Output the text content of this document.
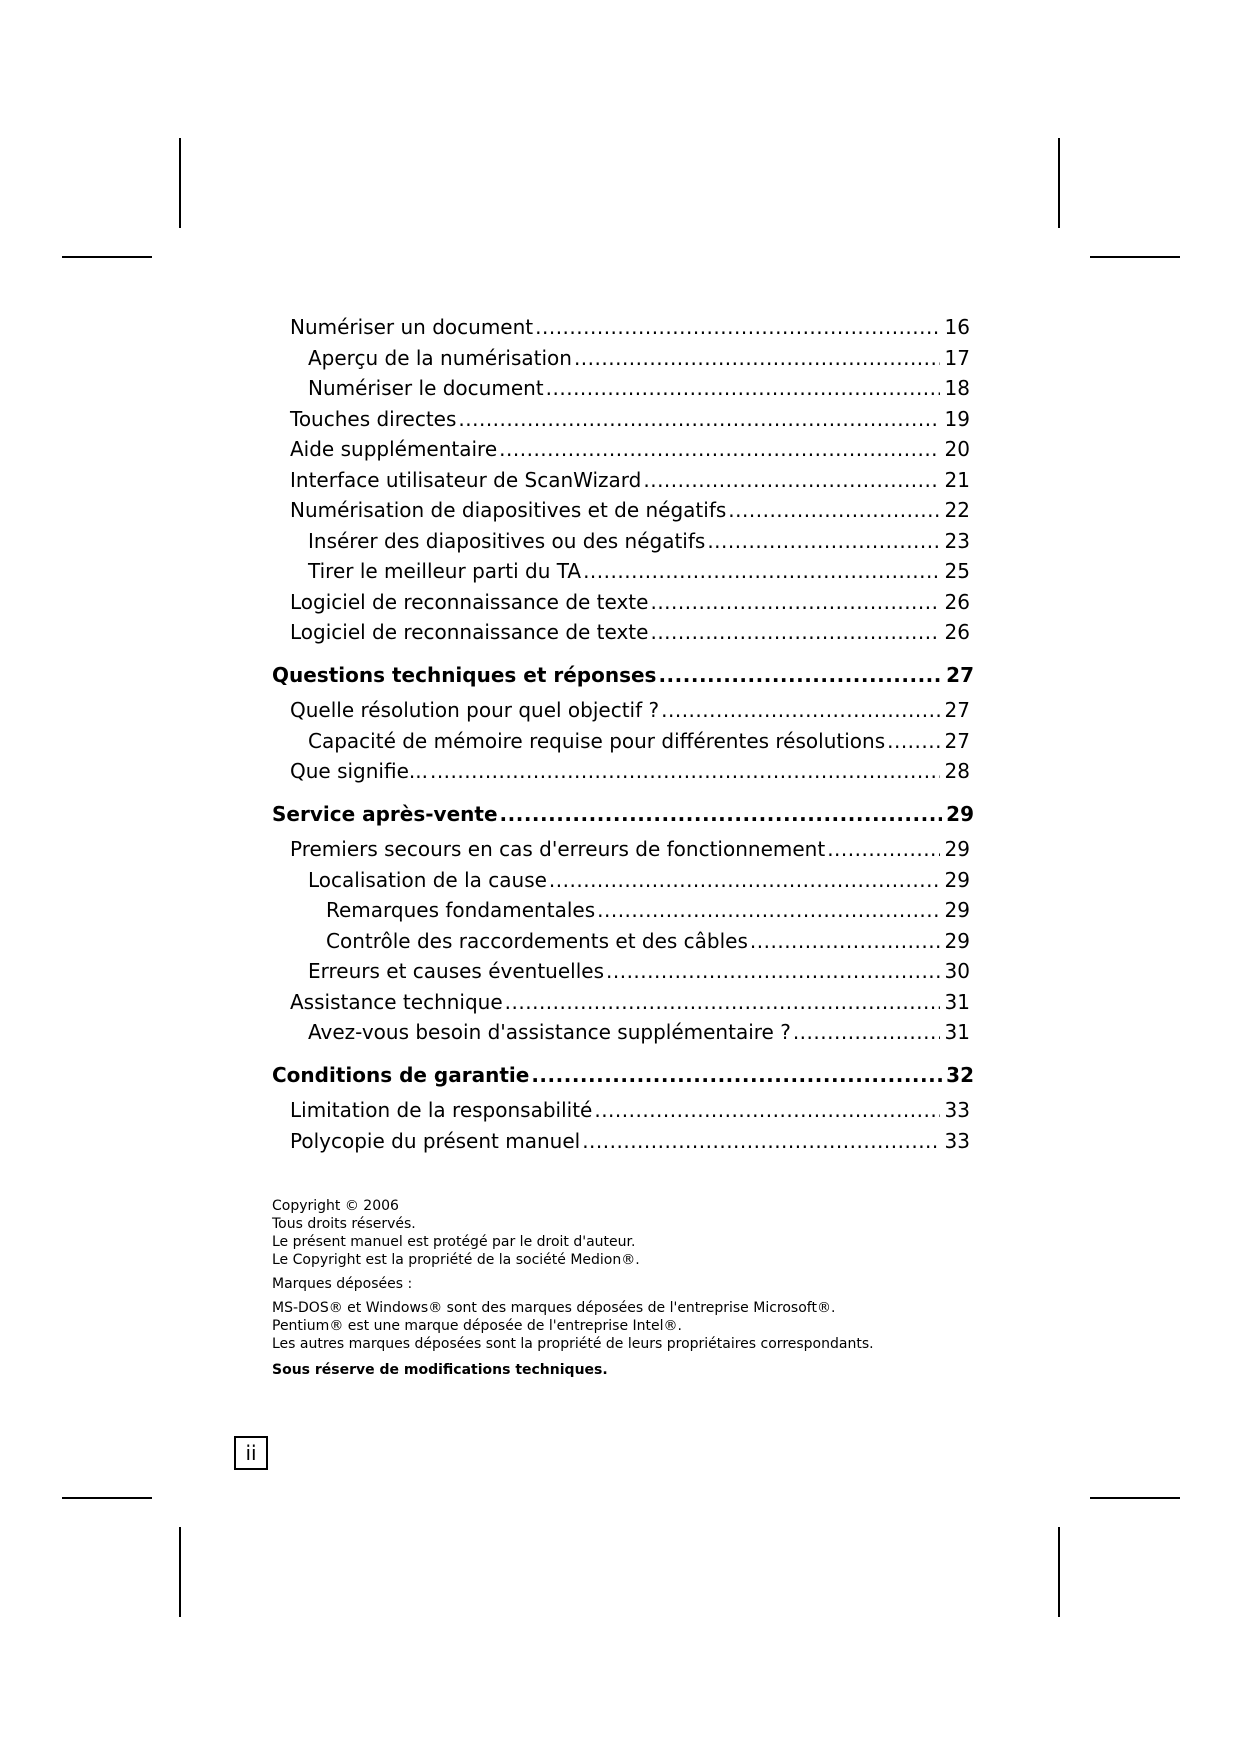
Numériser un document .....	16
Aperçu de la numérisation .....	17
Numériser le document .....	18
Touches directes .....	19
Aide supplémentaire .....	20
Interface utilisateur de ScanWizard .....	21
Numérisation de diapositives et de négatifs .....	22
Insérer des diapositives ou des négatifs .....	23
Tirer le meilleur parti du TA .....	25
Logiciel de reconnaissance de texte .....	26
Logiciel de reconnaissance de texte .....	26
Questions techniques et réponses .....	27
Quelle résolution pour quel objectif ? .....	27
Capacité de mémoire requise pour différentes résolutions .....	27
Que signifie... .....	28
Service après-vente .....	29
Premiers secours en cas d'erreurs de fonctionnement .....	29
Localisation de la cause .....	29
Remarques fondamentales .....	29
Contrôle des raccordements et des câbles .....	29
Erreurs et causes éventuelles .....	30
Assistance technique .....	31
Avez-vous besoin d'assistance supplémentaire ? .....	31
Conditions de garantie .....	32
Limitation de la responsabilité .....	33
Polycopie du présent manuel .....	33

Copyright © 2006

Tous droits réservés.

Le présent manuel est protégé par le droit d'auteur.

Le Copyright est la propriété de la société Medion®.

Marques déposées :

MS-DOS® et Windows® sont des marques déposées de l'entreprise Microsoft®.

Pentium® est une marque déposée de l'entreprise Intel®.

Les autres marques déposées sont la propriété de leurs propriétaires correspondants.

Sous réserve de modifications techniques.

ii
